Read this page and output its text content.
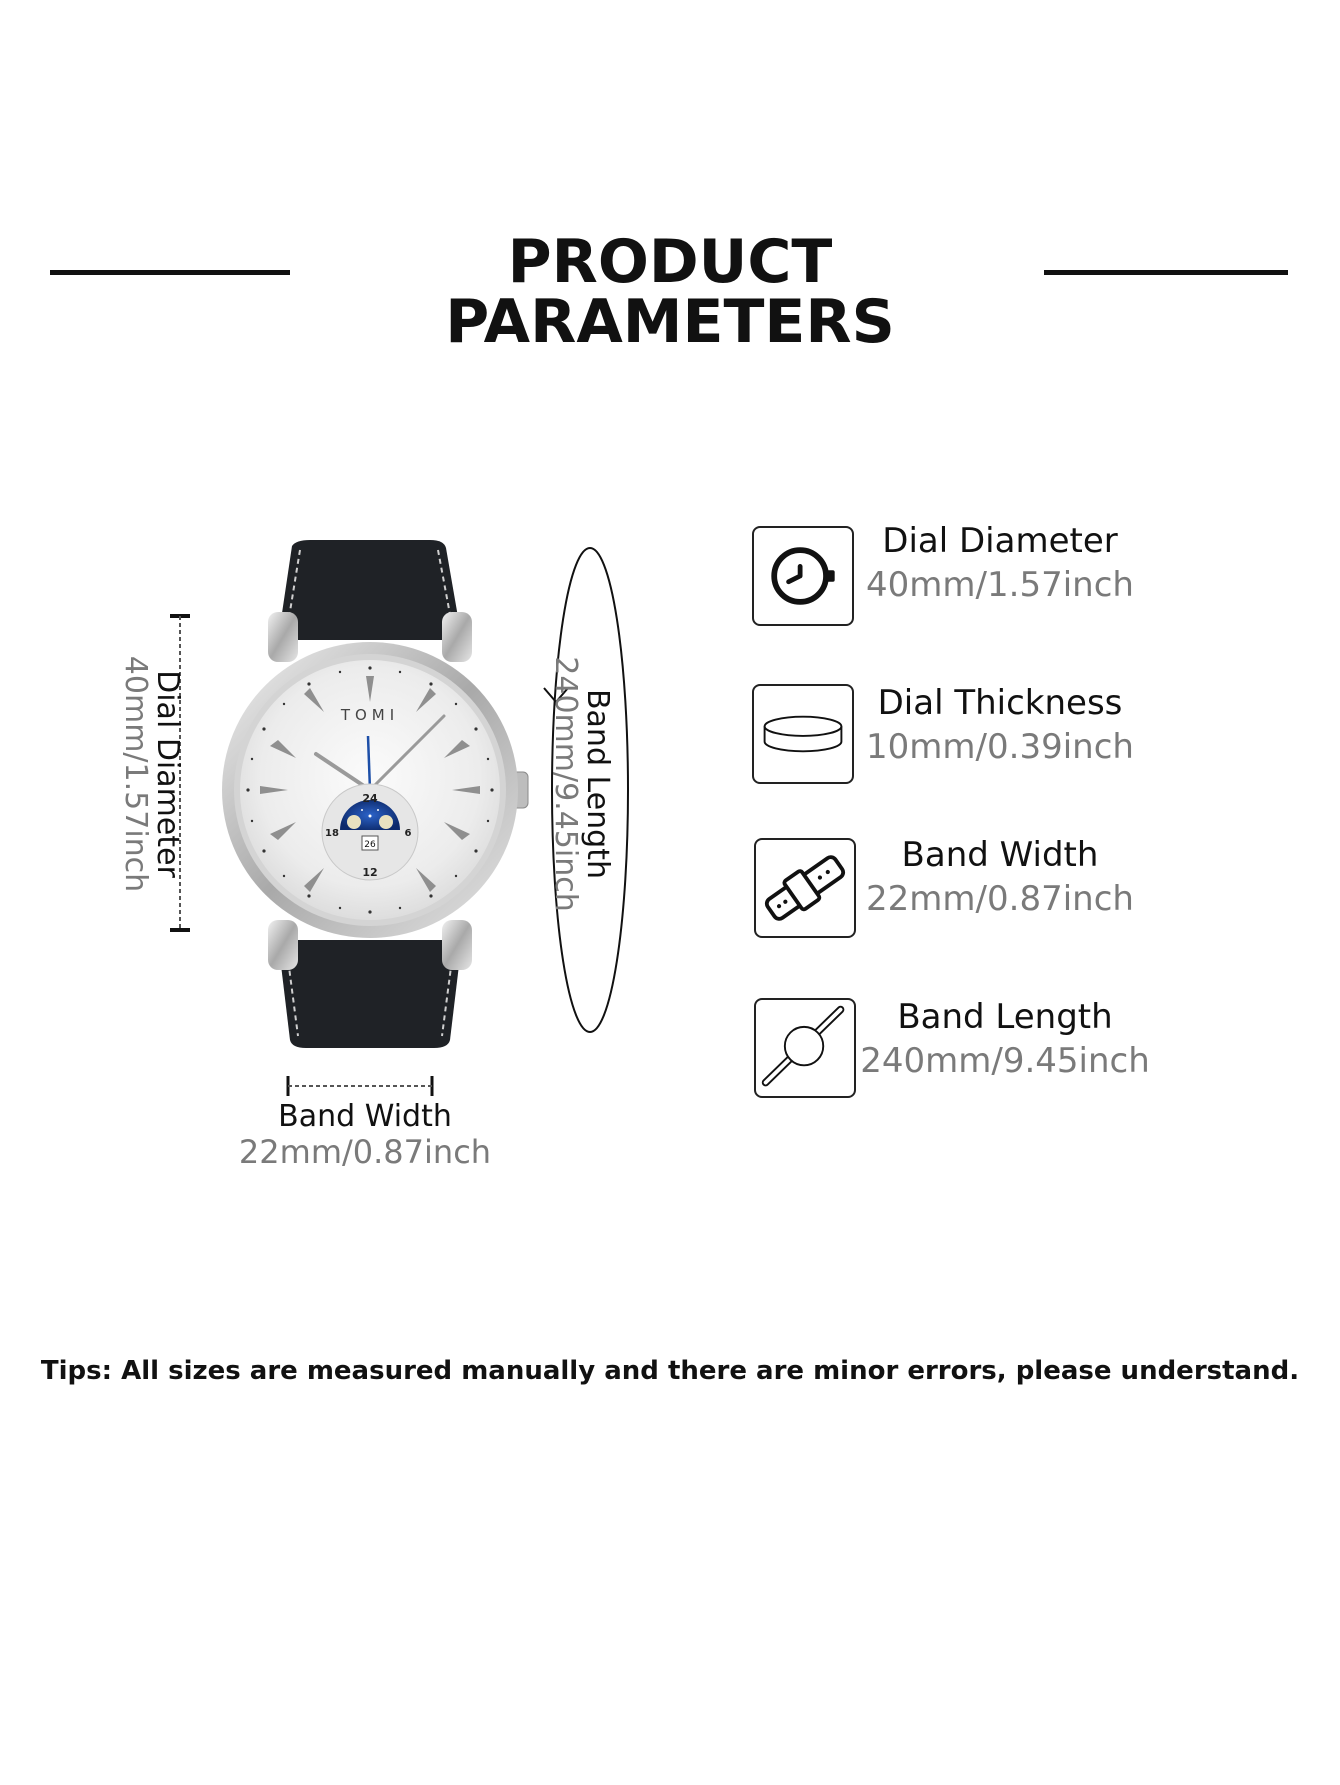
PRODUCT PARAMETERS
TOMI
26
24
12
18	6
Dial Diameter
40mm/1.57inch	Band Length
240mm/9.45inch
Band Width
22mm/0.87inch
Dial Diameter
40mm/1.57inch
Dial Thickness
10mm/0.39inch
Band Width
22mm/0.87inch
Band Length
240mm/9.45inch
Tips: All sizes are measured manually and there are minor errors, please understand.
